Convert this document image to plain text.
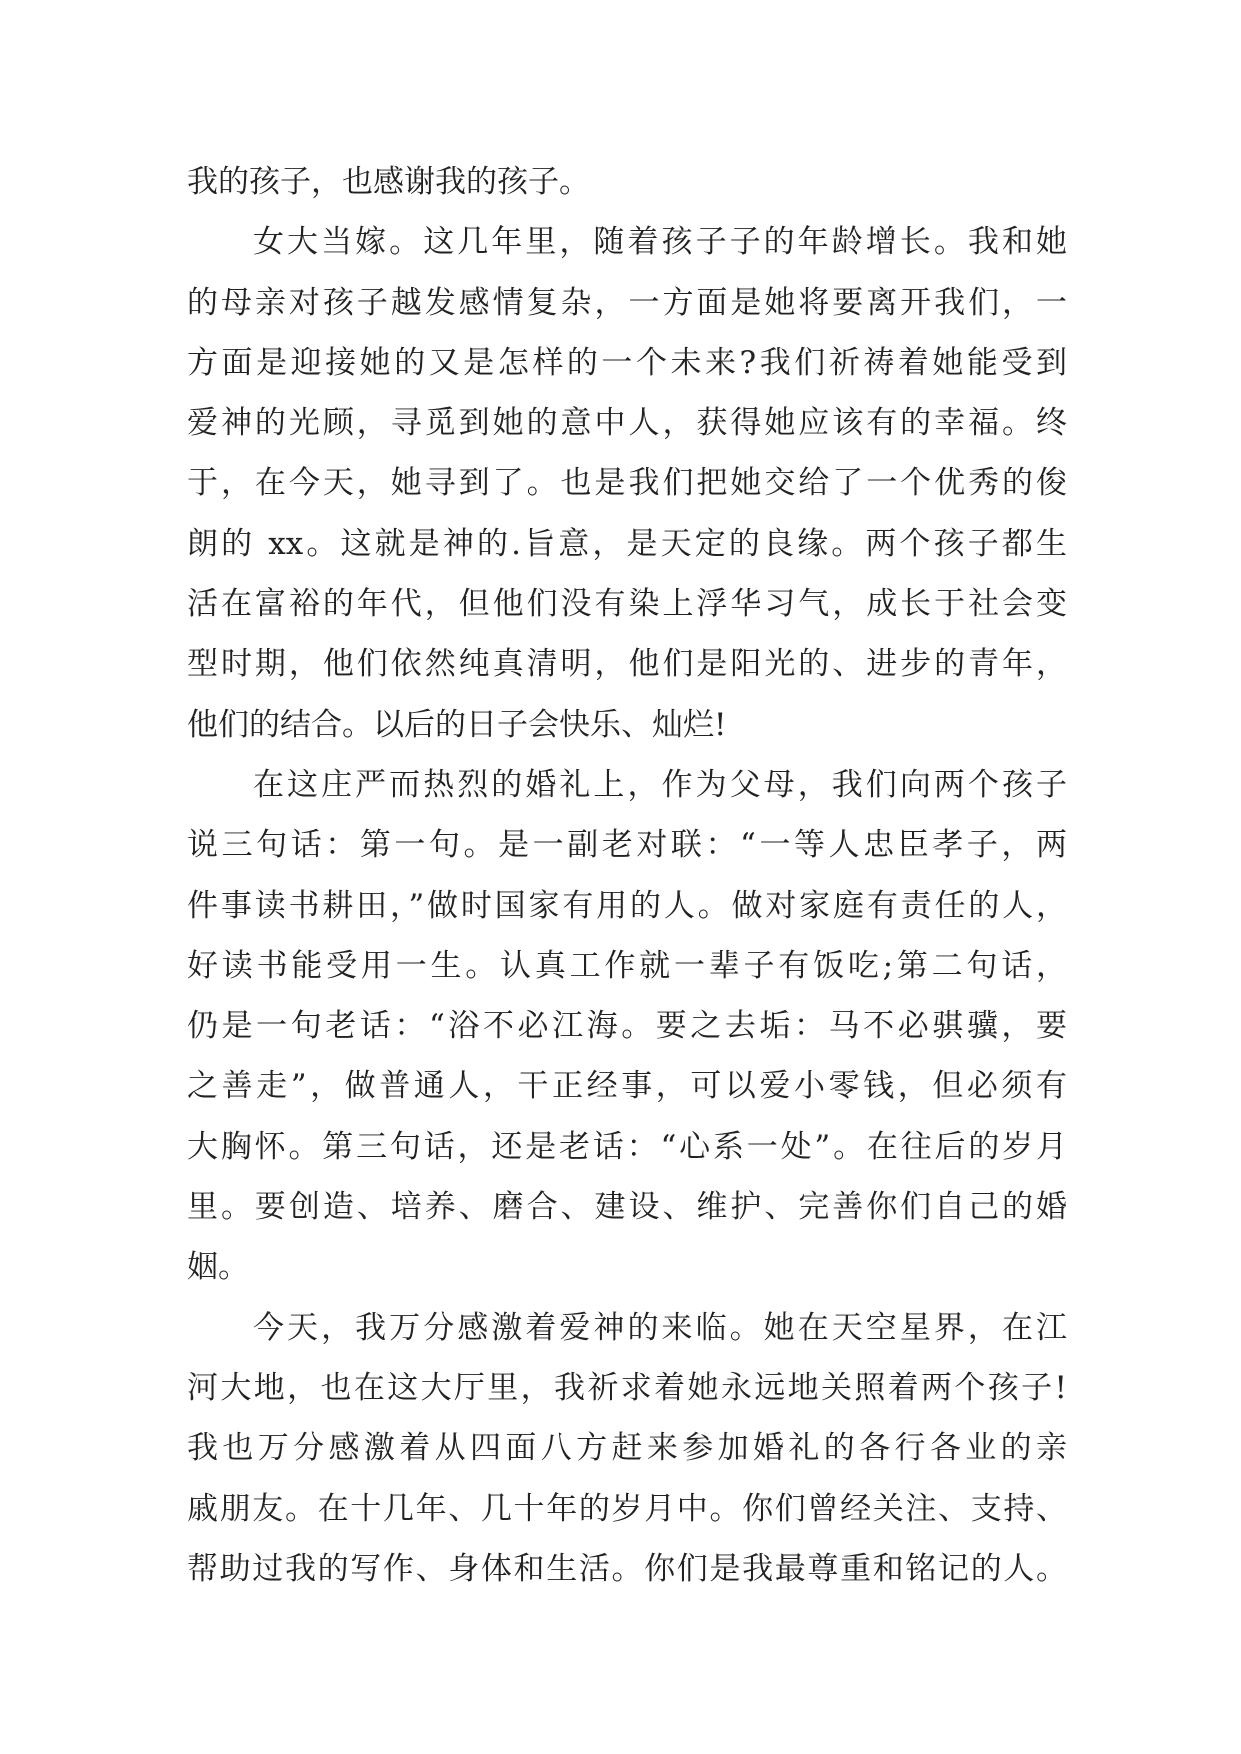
我的孩子，也感谢我的孩子。
女大当嫁。这几年里，随着孩子子的年龄增长。我和她
的母亲对孩子越发感情复杂，一方面是她将要离开我们，一
方面是迎接她的又是怎样的一个未来?我们祈祷着她能受到
爱神的光顾，寻觅到她的意中人，获得她应该有的幸福。终
于，在今天，她寻到了。也是我们把她交给了一个优秀的俊
朗的 xx。这就是神的.旨意，是天定的良缘。两个孩子都生
活在富裕的年代，但他们没有染上浮华习气，成长于社会变
型时期，他们依然纯真清明，他们是阳光的、进步的青年，
他们的结合。以后的日子会快乐、灿烂!
在这庄严而热烈的婚礼上，作为父母，我们向两个孩子
说三句话：第一句。是一副老对联：“一等人忠臣孝子，两
件事读书耕田，”做时国家有用的人。做对家庭有责任的人，
好读书能受用一生。认真工作就一辈子有饭吃;第二句话，
仍是一句老话：“浴不必江海。要之去垢：马不必骐骥，要
之善走”，做普通人，干正经事，可以爱小零钱，但必须有
大胸怀。第三句话，还是老话：“心系一处”。在往后的岁月
里。要创造、培养、磨合、建设、维护、完善你们自己的婚
姻。
今天，我万分感激着爱神的来临。她在天空星界，在江
河大地，也在这大厅里，我祈求着她永远地关照着两个孩子!
我也万分感激着从四面八方赶来参加婚礼的各行各业的亲
戚朋友。在十几年、几十年的岁月中。你们曾经关注、支持、
帮助过我的写作、身体和生活。你们是我最尊重和铭记的人。
